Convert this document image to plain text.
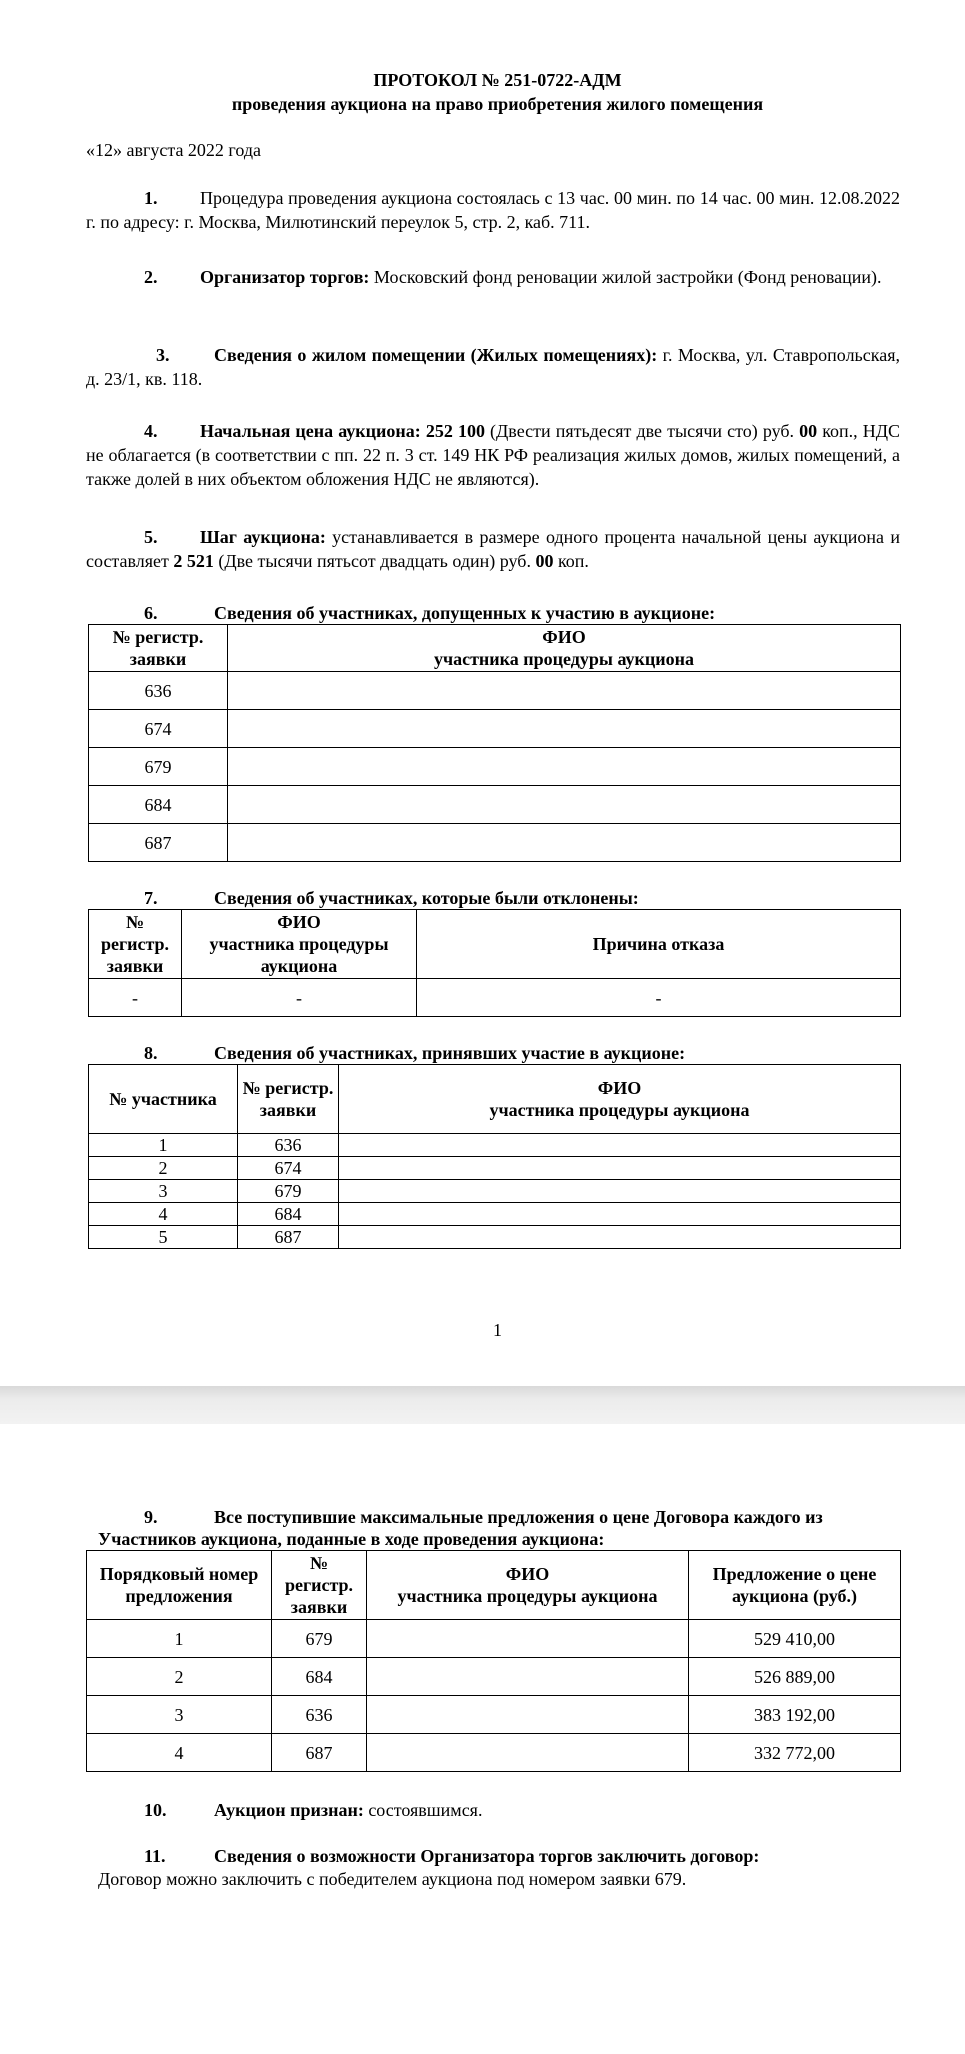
ПРОТОКОЛ № 251-0722-АДМ
проведения аукциона на право приобретения жилого помещения
«12» августа 2022 года

1. Процедура проведения аукциона состоялась с 13 час. 00 мин. по 14 час. 00 мин. 12.08.2022 г. по адресу: г. Москва, Милютинский переулок 5, стр. 2, каб. 711.

2. Организатор торгов: Московский фонд реновации жилой застройки (Фонд реновации).

3. Сведения о жилом помещении (Жилых помещениях): г. Москва, ул. Ставропольская, д. 23/1, кв. 118.

4. Начальная цена аукциона: 252 100 (Двести пятьдесят две тысячи сто) руб. 00 коп., НДС не облагается (в соответствии с пп. 22 п. 3 ст. 149 НК РФ реализация жилых домов, жилых помещений, а также долей в них объектом обложения НДС не являются).

5. Шаг аукциона: устанавливается в размере одного процента начальной цены аукциона и составляет 2 521 (Две тысячи пятьсот двадцать один) руб. 00 коп.

6.	Сведения об участниках, допущенных к участию в аукционе:
№ регистр. заявки	ФИО
участника процедуры аукциона

636	
674	
679	
684	
687	
7.	Сведения об участниках, которые были отклонены:
№ регистр. заявки	ФИО
участника процедуры аукциона	Причина отказа
-	-	-
8.	Сведения об участниках, принявших участие в аукционе:
№ участника	№ регистр. заявки	ФИО
участника процедуры аукциона

1	636	
2	674	
3	679	
4	684	
5	687	
1
9.	Все поступившие максимальные предложения о цене Договора каждого из
Участников аукциона, поданные в ходе проведения аукциона:
Порядковый номер предложения	№ регистр. заявки	ФИО
участника процедуры аукциона	Предложение о цене аукциона (руб.)
1	679		529 410,00
2	684		526 889,00
3	636		383 192,00
4	687		332 772,00
10.	Аукцион признан: состоявшимся.
11.	Сведения о возможности Организатора торгов заключить договор:
Договор можно заключить с победителем аукциона под номером заявки 679.
